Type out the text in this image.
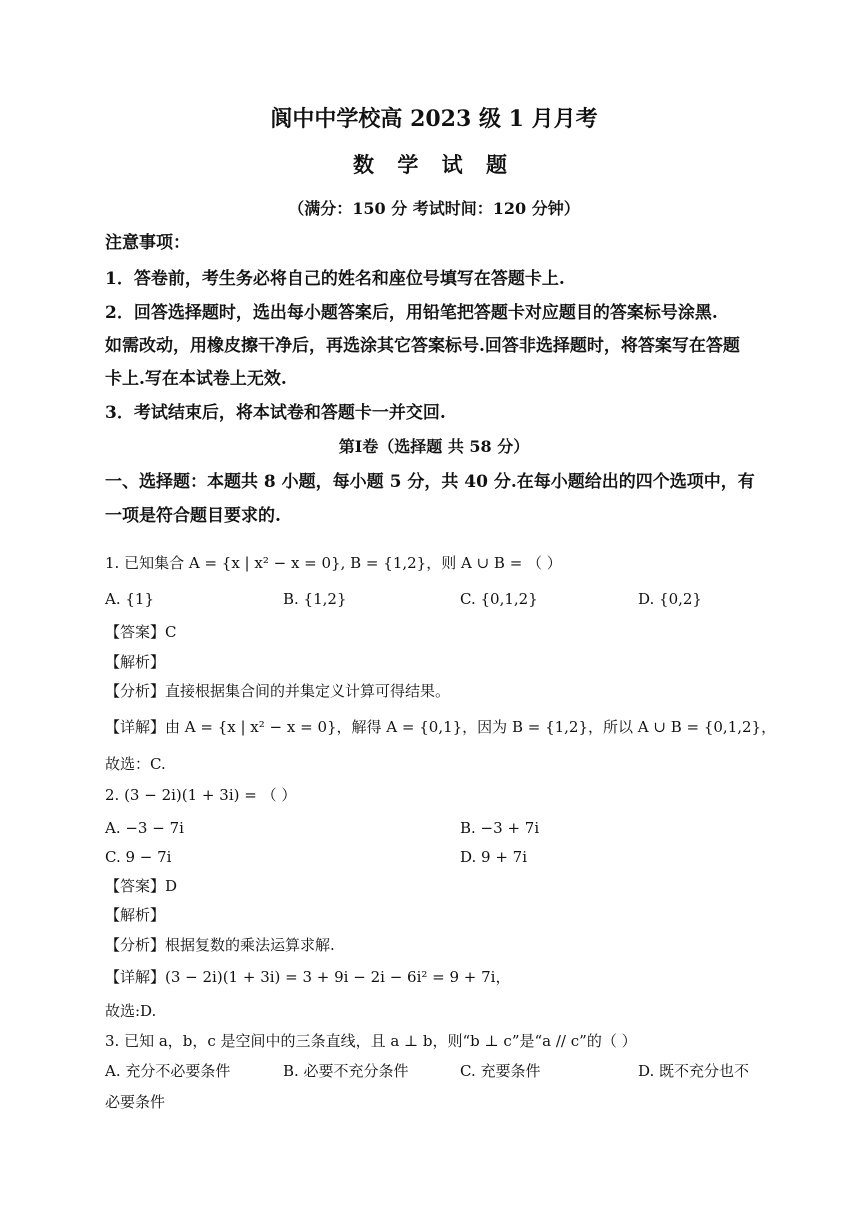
阆中中学校高 2023 级 1 月月考
数 学 试 题
（满分：150 分 考试时间：120 分钟）
注意事项：
1．答卷前，考生务必将自己的姓名和座位号填写在答题卡上.
2．回答选择题时，选出每小题答案后，用铅笔把答题卡对应题目的答案标号涂黑.
如需改动，用橡皮擦干净后，再选涂其它答案标号.回答非选择题时，将答案写在答题
卡上.写在本试卷上无效.
3．考试结束后，将本试卷和答题卡一并交回.
第Ⅰ卷（选择题 共 58 分）
一、选择题：本题共 8 小题，每小题 5 分，共 40 分.在每小题给出的四个选项中，有
一项是符合题目要求的.
1. 已知集合 A = {x | x² − x = 0}, B = {1,2}，则 A ∪ B = （ ）
A. {1}	B. {1,2}	C. {0,1,2}	D. {0,2}
【答案】C
【解析】
【分析】直接根据集合间的并集定义计算可得结果。
【详解】由 A = {x | x² − x = 0}，解得 A = {0,1}，因为 B = {1,2}，所以 A ∪ B = {0,1,2}，
故选：C.
2. (3 − 2i)(1 + 3i) = （ ）
A. −3 − 7i	B. −3 + 7i
C. 9 − 7i	D. 9 + 7i
【答案】D
【解析】
【分析】根据复数的乘法运算求解.
【详解】(3 − 2i)(1 + 3i) = 3 + 9i − 2i − 6i² = 9 + 7i，
故选:D.
3. 已知 a，b，c 是空间中的三条直线，且 a ⊥ b，则“b ⊥ c”是“a // c”的（ ）
A. 充分不必要条件	B. 必要不充分条件	C. 充要条件	D. 既不充分也不
必要条件
